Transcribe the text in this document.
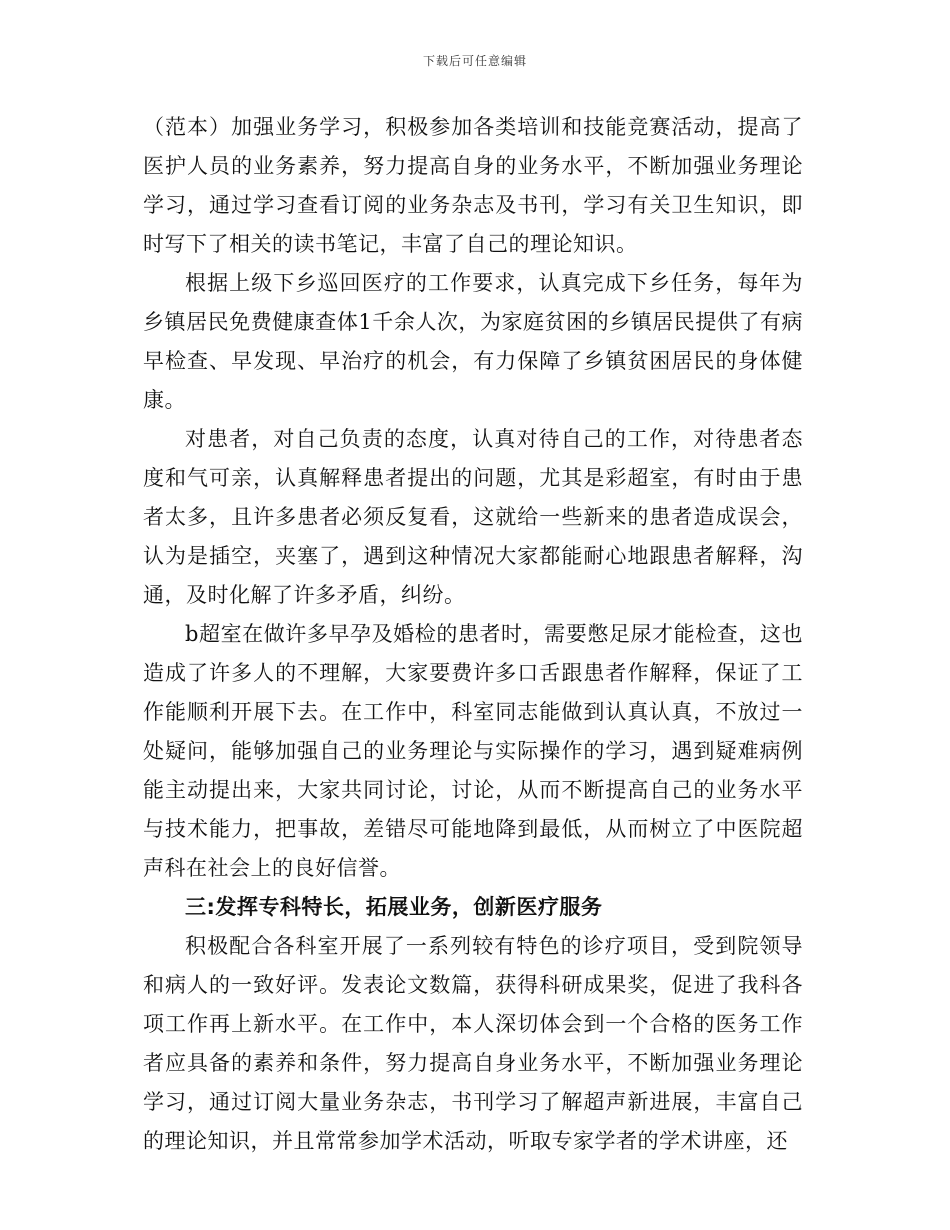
下载后可任意编辑

（范本）加强业务学习，积极参加各类培训和技能竞赛活动，提高了医护人员的业务素养，努力提高自身的业务水平，不断加强业务理论学习，通过学习查看订阅的业务杂志及书刊，学习有关卫生知识，即时写下了相关的读书笔记，丰富了自己的理论知识。

根据上级下乡巡回医疗的工作要求，认真完成下乡任务，每年为乡镇居民免费健康查体1千余人次，为家庭贫困的乡镇居民提供了有病早检查、早发现、早治疗的机会，有力保障了乡镇贫困居民的身体健康。

对患者，对自己负责的态度，认真对待自己的工作，对待患者态度和气可亲，认真解释患者提出的问题，尤其是彩超室，有时由于患者太多，且许多患者必须反复看，这就给一些新来的患者造成误会，认为是插空，夹塞了，遇到这种情况大家都能耐心地跟患者解释，沟通，及时化解了许多矛盾，纠纷。

b超室在做许多早孕及婚检的患者时，需要憋足尿才能检查，这也造成了许多人的不理解，大家要费许多口舌跟患者作解释，保证了工作能顺利开展下去。在工作中，科室同志能做到认真认真，不放过一处疑问，能够加强自己的业务理论与实际操作的学习，遇到疑难病例能主动提出来，大家共同讨论，讨论，从而不断提高自己的业务水平与技术能力，把事故，差错尽可能地降到最低，从而树立了中医院超声科在社会上的良好信誉。

三:发挥专科特长，拓展业务，创新医疗服务

积极配合各科室开展了一系列较有特色的诊疗项目，受到院领导和病人的一致好评。发表论文数篇，获得科研成果奖，促进了我科各项工作再上新水平。在工作中，本人深切体会到一个合格的医务工作者应具备的素养和条件，努力提高自身业务水平，不断加强业务理论学习，通过订阅大量业务杂志，书刊学习了解超声新进展，丰富自己的理论知识，并且常常参加学术活动，听取专家学者的学术讲座，还
